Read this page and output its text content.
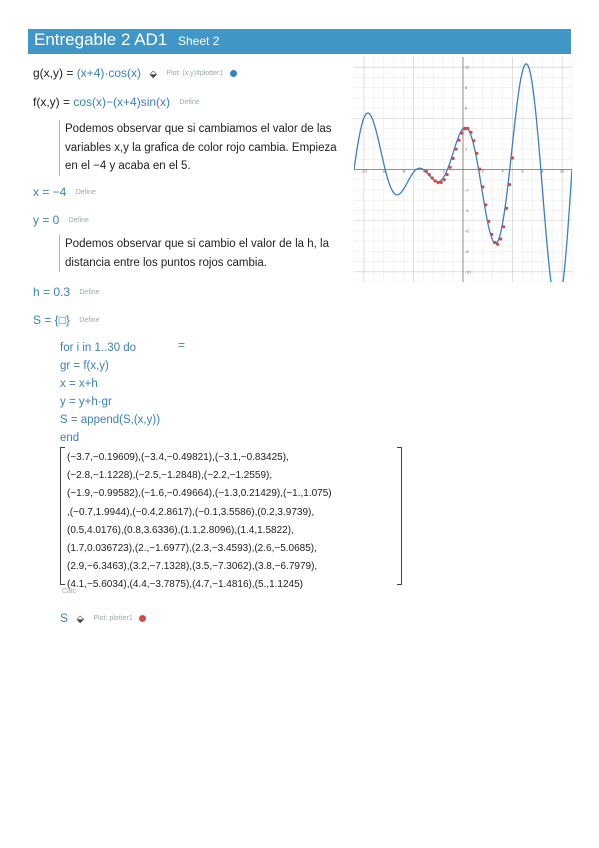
Entregable 2 AD1 Sheet 2
g(x,y) = (x+4)·cos(x) ⬙ Plot: (x,y)#plotter1
f(x,y) = cos(x)−(x+4)sin(x) Define
Podemos observar que si cambiamos el valor de las
variables x,y la grafica de color rojo cambia. Empieza
en el −4 y acaba en el 5.
x = −4 Define
y = 0 Define
Podemos observar que si cambio el valor de la h, la
distancia entre los puntos rojos cambia.
h = 0.3 Define
S = {□} Define
for i in 1..30 do
gr = f(x,y)
x = x+h
y = y+h·gr
S = append(S,(x,y))
end
=
(−3.7,−0.19609),(−3.4,−0.49821),(−3.1,−0.83425),
(−2.8,−1.1228),(−2.5,−1.2848),(−2.2,−1.2559),
(−1.9,−0.99582),(−1.6,−0.49664),(−1.3,0.21429),(−1.,1.075)
,(−0.7,1.9944),(−0.4,2.8617),(−0.1,3.5586),(0.2,3.9739),
(0.5,4.0176),(0.8,3.6336),(1.1,2.8096),(1.4,1.5822),
(1.7,0.036723),(2.,−1.6977),(2.3,−3.4593),(2.6,−5.0685),
(2.9,−6.3463),(3.2,−7.1328),(3.5,−7.3062),(3.8,−6.7979),
(4.1,−5.6034),(4.4,−3.7875),(4.7,−1.4816),(5.,1.1245)
Calc
S ⬙ Plot: plotter1
-10	-8	-6	-4	-2	2	4	6	8	10
-10
-8
-6
-4
-2
2
6
8
10
